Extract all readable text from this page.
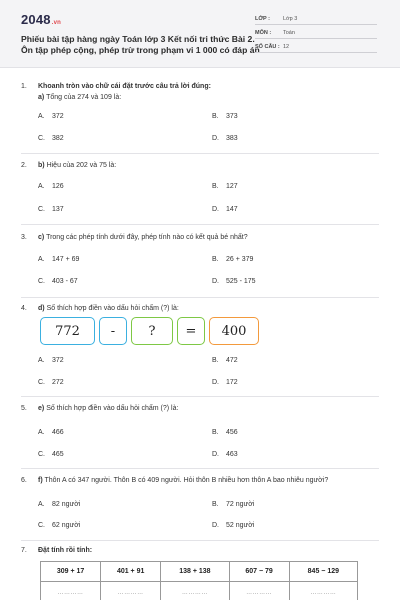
2048.vn
Phiếu bài tập hàng ngày Toán lớp 3 Kết nối tri thức Bài 2.
Ôn tập phép cộng, phép trừ trong phạm vi 1 000 có đáp án
LỚP : Lớp 3
MÔN : Toán
SỐ CÂU : 12
1. Khoanh tròn vào chữ cái đặt trước câu trả lời đúng:
a) Tổng của 274 và 109 là:
A. 372	B. 373
C. 382	D. 383
2. b) Hiệu của 202 và 75 là:
A. 126	B. 127
C. 137	D. 147
3. c) Trong các phép tính dưới đây, phép tính nào có kết quả bé nhất?
A. 147 + 69	B. 26 + 379
C. 403 - 67	D. 525 - 175
4. d) Số thích hợp điền vào dấu hỏi chấm (?) là:
772	-	?	=	400
A. 372	B. 472
C. 272	D. 172
5. e) Số thích hợp điền vào dấu hỏi chấm (?) là:
A. 466	B. 456
C. 465	D. 463
6. f) Thôn A có 347 người. Thôn B có 409 người. Hỏi thôn B nhiều hơn thôn A bao nhiêu người?
A. 82 người	B. 72 người
C. 62 người	D. 52 người
7. Đặt tính rồi tính:
309 + 17	401 + 91	138 + 138	607 − 79	845 − 129
…………	…………	…………	…………	…………
